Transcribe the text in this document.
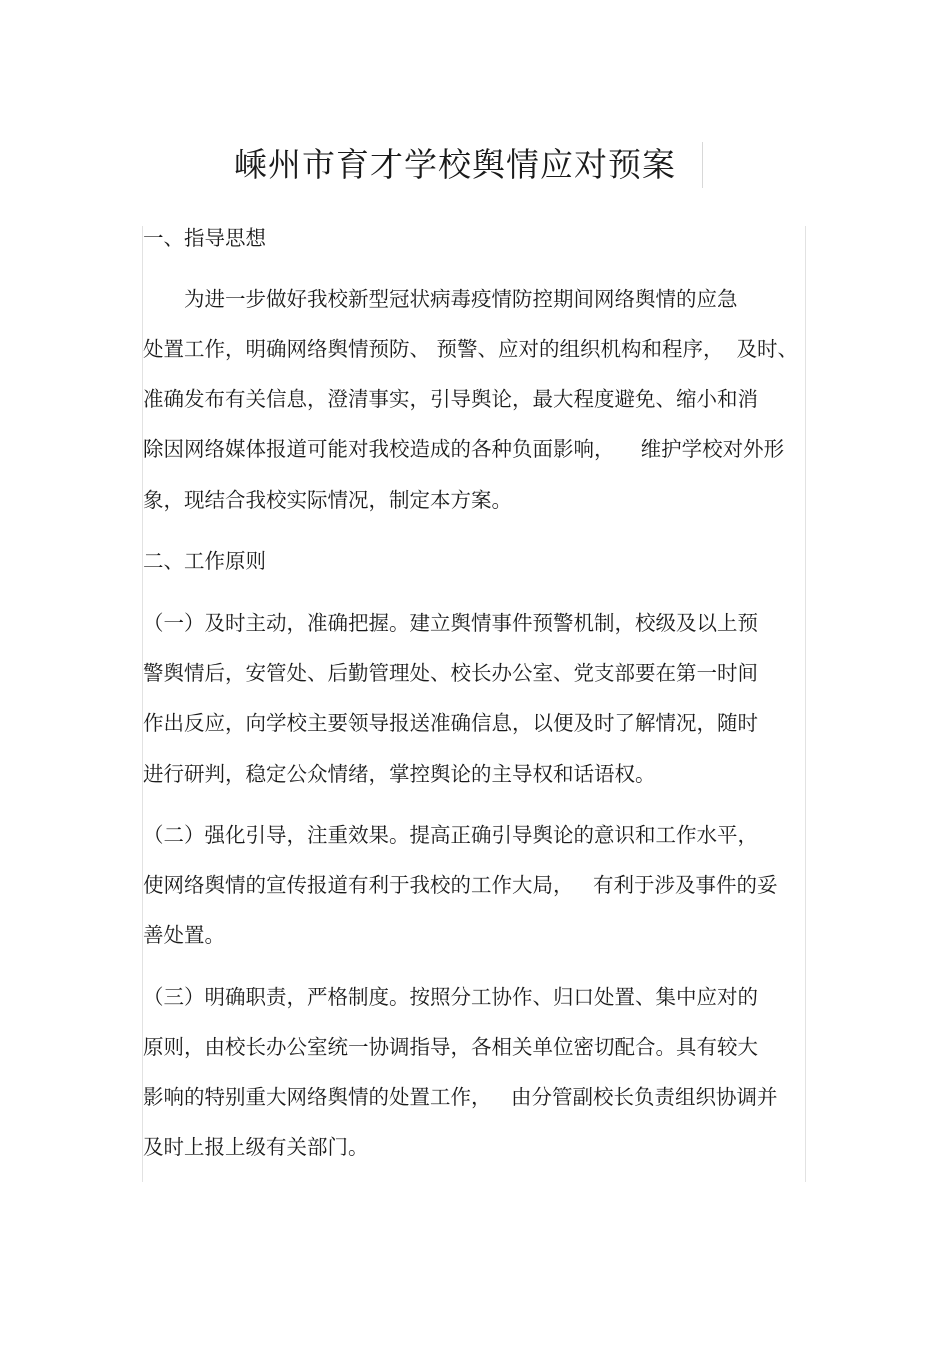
嵊州市育才学校舆情应对预案
一、指导思想
　　为进一步做好我校新型冠状病毒疫情防控期间网络舆情的应急
处置工作，明确网络舆情预防、 预警、应对的组织机构和程序，  及时、
准确发布有关信息，澄清事实，引导舆论，最大程度避免、缩小和消
除因网络媒体报道可能对我校造成的各种负面影响，    维护学校对外形
象，现结合我校实际情况，制定本方案。
二、工作原则
（一）及时主动，准确把握。建立舆情事件预警机制，校级及以上预
警舆情后，安管处、后勤管理处、校长办公室、党支部要在第一时间
作出反应，向学校主要领导报送准确信息，以便及时了解情况，随时
进行研判，稳定公众情绪，掌控舆论的主导权和话语权。
（二）强化引导，注重效果。提高正确引导舆论的意识和工作水平，
使网络舆情的宣传报道有利于我校的工作大局，   有利于涉及事件的妥
善处置。
（三）明确职责，严格制度。按照分工协作、归口处置、集中应对的
原则，由校长办公室统一协调指导，各相关单位密切配合。具有较大
影响的特别重大网络舆情的处置工作，   由分管副校长负责组织协调并
及时上报上级有关部门。
